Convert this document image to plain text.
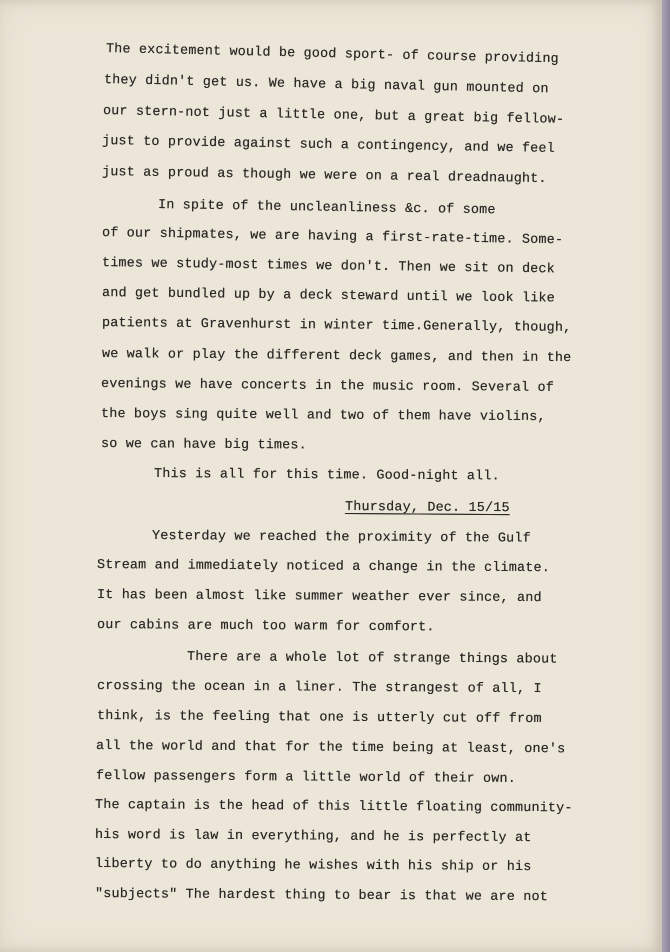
The excitement would be good sport- of course providing
they didn't get us. We have a big naval gun mounted on
our stern-not just a little one, but a great big fellow-
just to provide against such a contingency, and we feel
just as proud as though we were on a real dreadnaught.
In spite of the uncleanliness &c. of some
of our shipmates, we are having a first-rate-time. Some-
times we study-most times we don't. Then we sit on deck
and get bundled up by a deck steward until we look like
patients at Gravenhurst in winter time.Generally, though,
we walk or play the different deck games, and then in the
evenings we have concerts in the music room. Several of
the boys sing quite well and two of them have violins,
so we can have big times.
This is all for this time. Good-night all.
Thursday, Dec. 15/15
Yesterday we reached the proximity of the Gulf
Stream and immediately noticed a change in the climate.
It has been almost like summer weather ever since, and
our cabins are much too warm for comfort.
There are a whole lot of strange things about
crossing the ocean in a liner. The strangest of all, I
think, is the feeling that one is utterly cut off from
all the world and that for the time being at least, one's
fellow passengers form a little world of their own.
The captain is the head of this little floating community-
his word is law in everything, and he is perfectly at
liberty to do anything he wishes with his ship or his
"subjects" The hardest thing to bear is that we are not
